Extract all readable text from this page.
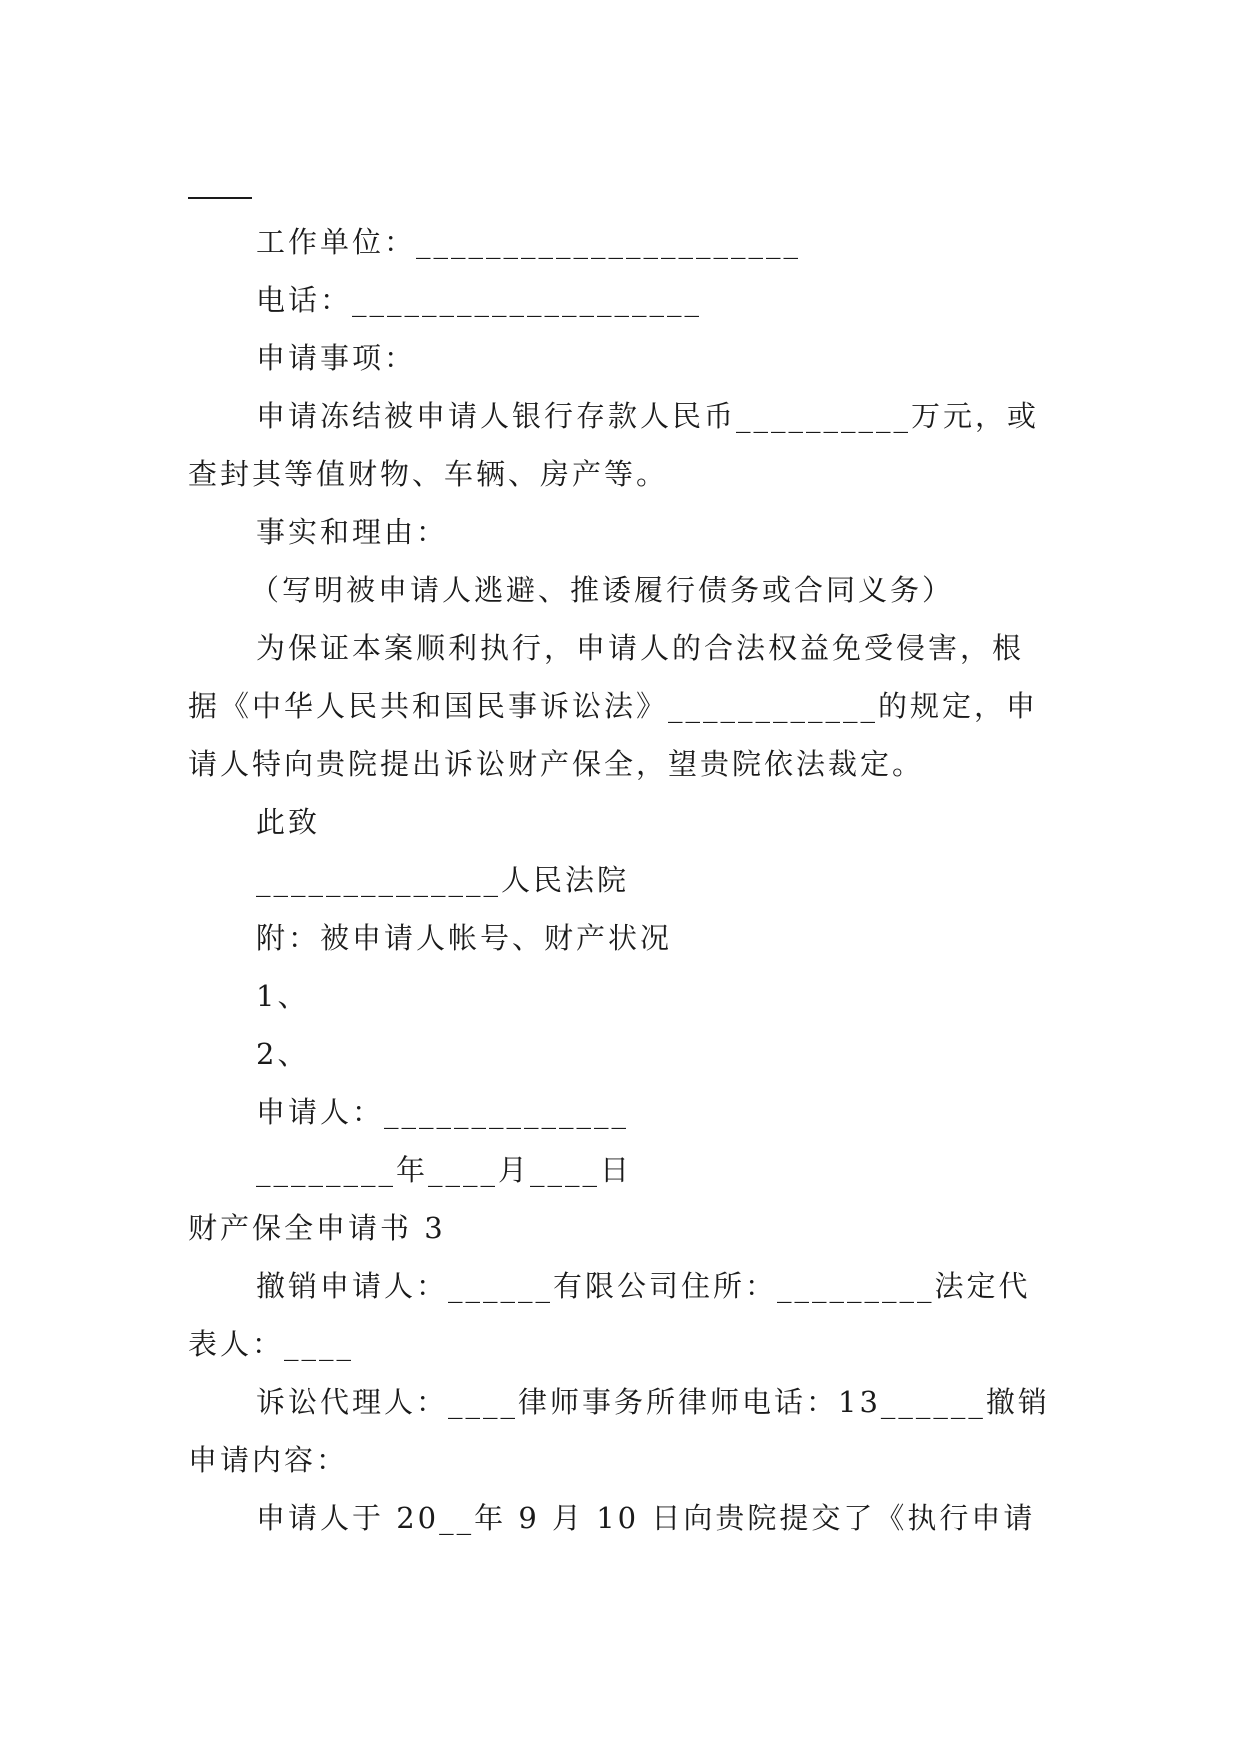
工作单位：______________________
电话：____________________
申请事项：
申请冻结被申请人银行存款人民币__________万元，或
查封其等值财物、车辆、房产等。
事实和理由：
（写明被申请人逃避、推诿履行债务或合同义务）
为保证本案顺利执行，申请人的合法权益免受侵害，根
据《中华人民共和国民事诉讼法》____________的规定，申
请人特向贵院提出诉讼财产保全，望贵院依法裁定。
此致
______________人民法院
附：被申请人帐号、财产状况
1、
2、
申请人：______________
________年____月____日
财产保全申请书 3
撤销申请人：______有限公司住所：_________法定代
表人：____
诉讼代理人：____律师事务所律师电话：13______撤销
申请内容：
申请人于 20__年 9 月 10 日向贵院提交了《执行申请
